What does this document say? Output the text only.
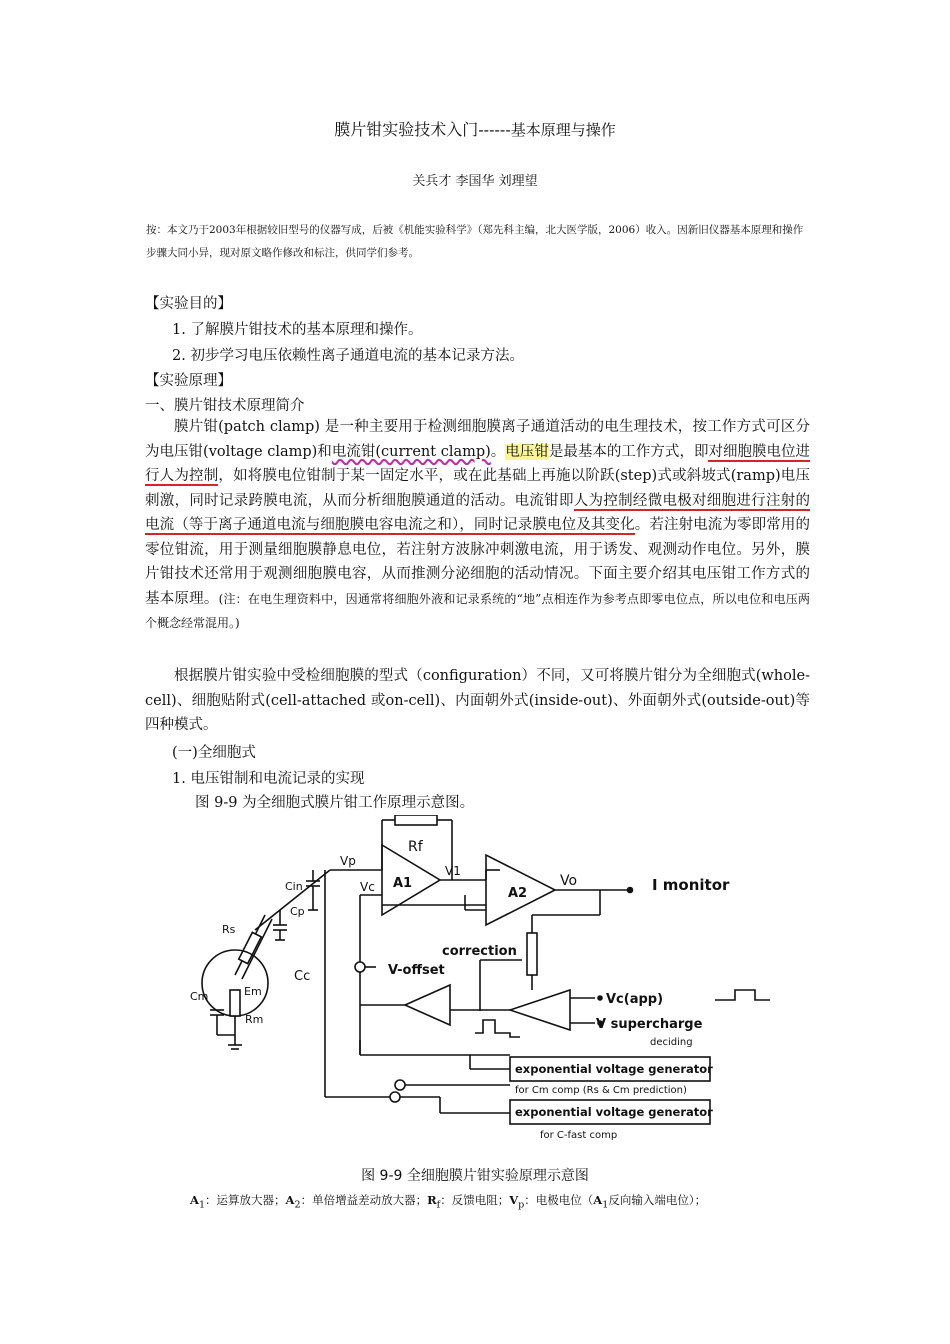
膜片钳实验技术入门------基本原理与操作
关兵才 李国华 刘理望
按：本文乃于2003年根据较旧型号的仪器写成，后被《机能实验科学》（郑先科主编，北大医学版，2006）收入。因新旧仪器基本原理和操作步骤大同小异，现对原文略作修改和标注，供同学们参考。
【实验目的】
1. 了解膜片钳技术的基本原理和操作。
2. 初步学习电压依赖性离子通道电流的基本记录方法。
【实验原理】
一、膜片钳技术原理简介
膜片钳(patch clamp) 是一种主要用于检测细胞膜离子通道活动的电生理技术，按工作方式可区分为电压钳(voltage clamp)和电流钳(current clamp)。电压钳是最基本的工作方式，即对细胞膜电位进行人为控制，如将膜电位钳制于某一固定水平，或在此基础上再施以阶跃(step)式或斜坡式(ramp)电压刺激，同时记录跨膜电流，从而分析细胞膜通道的活动。电流钳即人为控制经微电极对细胞进行注射的电流（等于离子通道电流与细胞膜电容电流之和），同时记录膜电位及其变化。若注射电流为零即常用的零位钳流，用于测量细胞膜静息电位，若注射方波脉冲刺激电流，用于诱发、观测动作电位。另外，膜片钳技术还常用于观测细胞膜电容，从而推测分泌细胞的活动情况。下面主要介绍其电压钳工作方式的基本原理。(注：在电生理资料中，因通常将细胞外液和记录系统的“地”点相连作为参考点即零电位点，所以电位和电压两个概念经常混用。)
根据膜片钳实验中受检细胞膜的型式（configuration）不同，又可将膜片钳分为全细胞式(whole-cell)、细胞贴附式(cell-attached 或on-cell)、内面朝外式(inside-out)、外面朝外式(outside-out)等四种模式。
(一)全细胞式
1. 电压钳制和电流记录的实现
图 9-9 为全细胞式膜片钳工作原理示意图。
Rf
Vp
V1
Vc	Vo
A1
A2
Cin
Cp
Rs
Em
Rm
Cm
Cc
I monitor
correction
V-offset
Vc(app)
V supercharge
deciding
exponential voltage generator
for Cm comp (Rs & Cm prediction)
exponential voltage generator
for C-fast comp
图 9-9 全细胞膜片钳实验原理示意图
$A_1$：运算放大器；$A_2$：单倍增益差动放大器；$R_f$：反馈电阻；$V_p$：电极电位（$A_1$反向输入端电位）；
